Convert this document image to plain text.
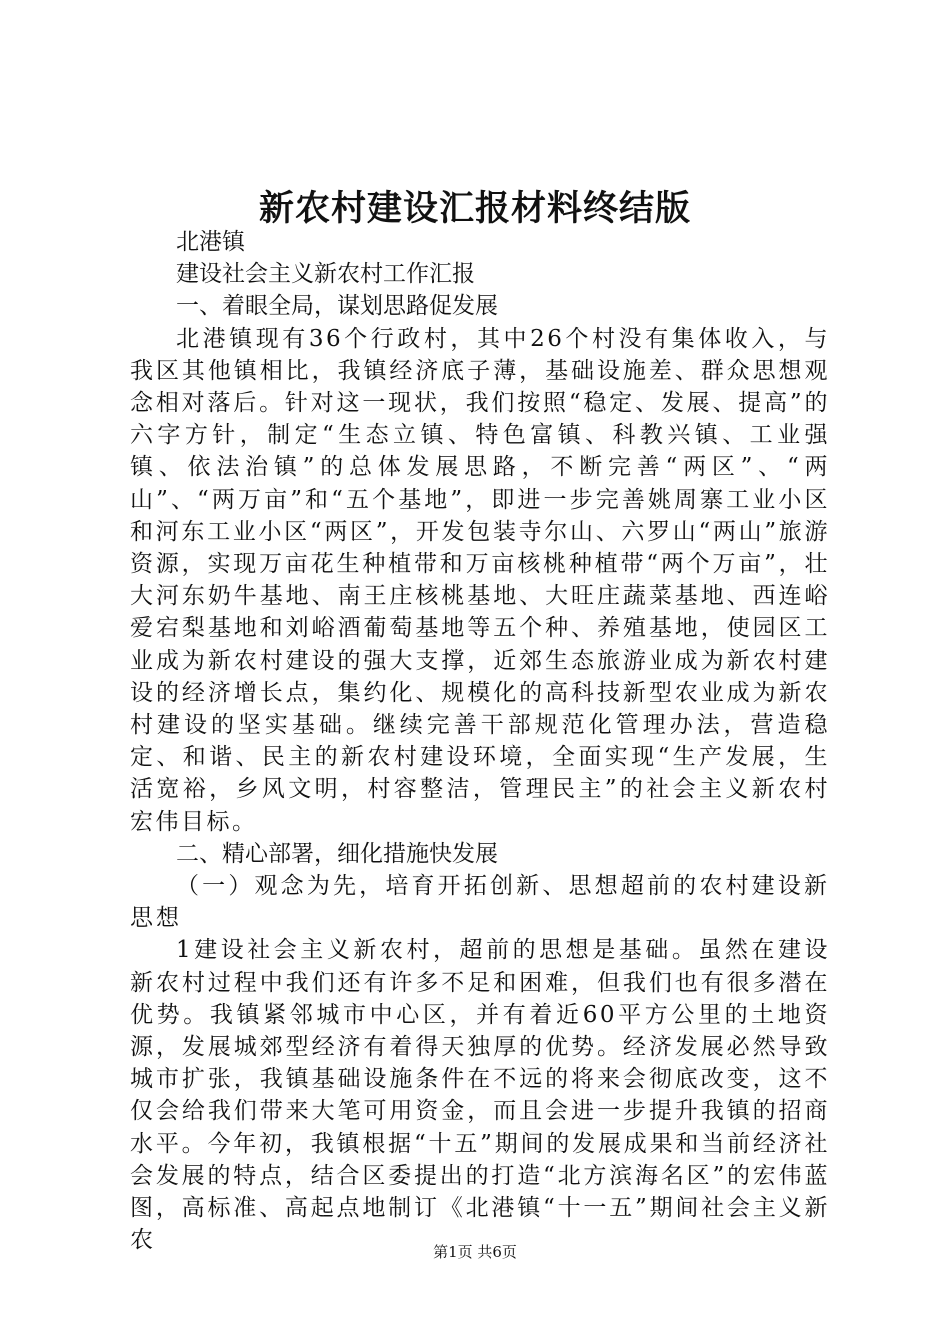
新农村建设汇报材料终结版

北港镇

建设社会主义新农村工作汇报

一、着眼全局，谋划思路促发展

北港镇现有36个行政村，其中26个村没有集体收入，与我区其他镇相比，我镇经济底子薄，基础设施差、群众思想观念相对落后。针对这一现状，我们按照“稳定、发展、提高”的六字方针，制定“生态立镇、特色富镇、科教兴镇、工业强镇、依法治镇”的总体发展思路，不断完善“两区”、“两山”、“两万亩”和“五个基地”，即进一步完善姚周寨工业小区和河东工业小区“两区”，开发包装寺尔山、六罗山“两山”旅游资源，实现万亩花生种植带和万亩核桃种植带“两个万亩”，壮大河东奶牛基地、南王庄核桃基地、大旺庄蔬菜基地、西连峪爱宕梨基地和刘峪酒葡萄基地等五个种、养殖基地，使园区工业成为新农村建设的强大支撑，近郊生态旅游业成为新农村建设的经济增长点，集约化、规模化的高科技新型农业成为新农村建设的坚实基础。继续完善干部规范化管理办法，营造稳定、和谐、民主的新农村建设环境，全面实现“生产发展，生活宽裕，乡风文明，村容整洁，管理民主”的社会主义新农村宏伟目标。

二、精心部署，细化措施快发展

（一）观念为先，培育开拓创新、思想超前的农村建设新思想

1建设社会主义新农村，超前的思想是基础。虽然在建设新农村过程中我们还有许多不足和困难，但我们也有很多潜在优势。我镇紧邻城市中心区，并有着近60平方公里的土地资源，发展城郊型经济有着得天独厚的优势。经济发展必然导致城市扩张，我镇基础设施条件在不远的将来会彻底改变，这不仅会给我们带来大笔可用资金，而且会进一步提升我镇的招商水平。今年初，我镇根据“十五”期间的发展成果和当前经济社会发展的特点，结合区委提出的打造“北方滨海名区”的宏伟蓝图，高标准、高起点地制订《北港镇“十一五”期间社会主义新农	第1页 共6页
